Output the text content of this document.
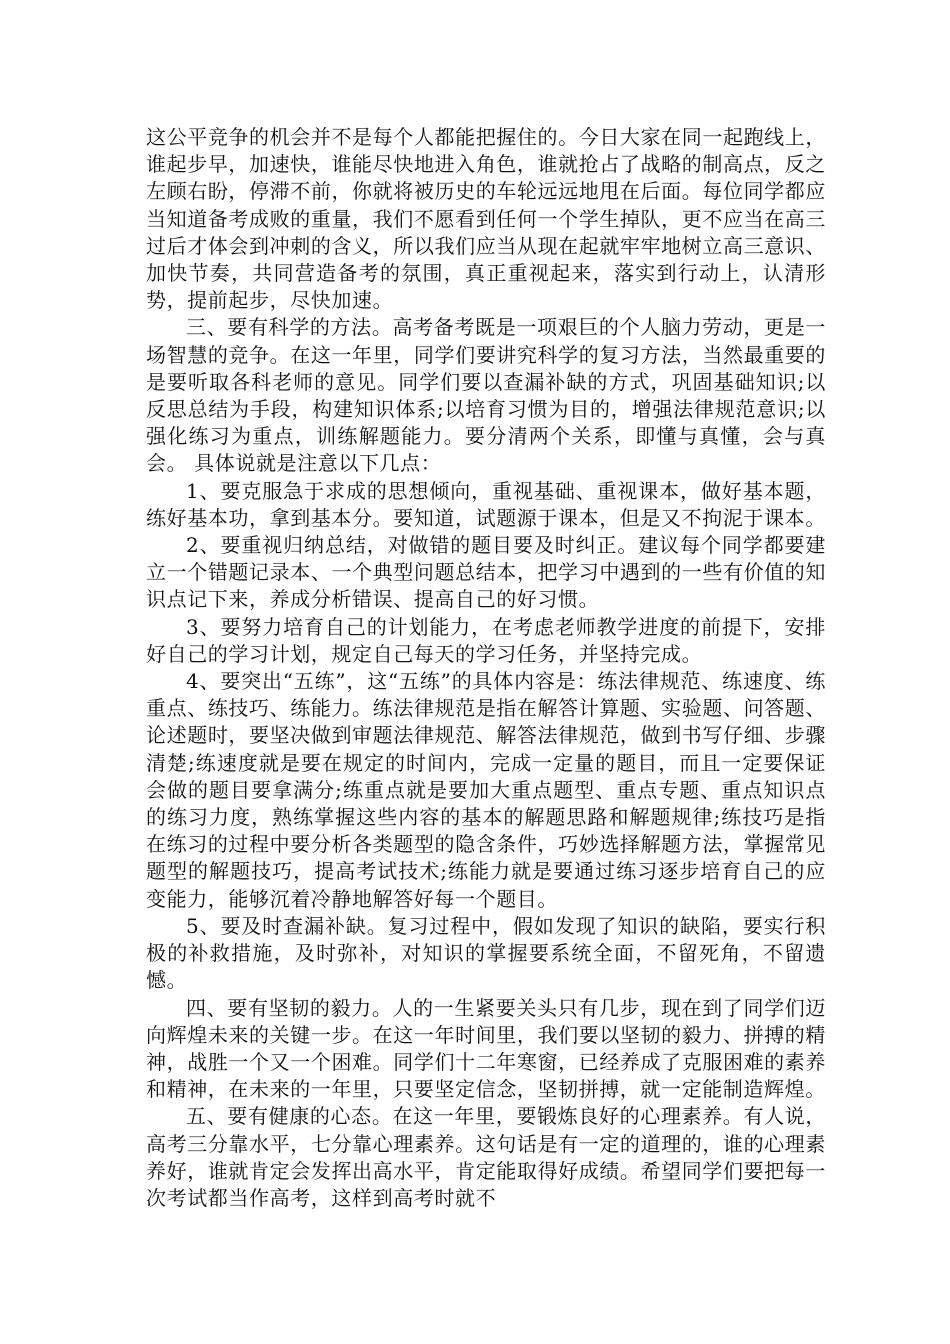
这公平竞争的机会并不是每个人都能把握住的。今日大家在同一起跑线上，谁起步早，加速快，谁能尽快地进入角色，谁就抢占了战略的制高点，反之左顾右盼，停滞不前，你就将被历史的车轮远远地甩在后面。每位同学都应当知道备考成败的重量，我们不愿看到任何一个学生掉队，更不应当在高三过后才体会到冲刺的含义，所以我们应当从现在起就牢牢地树立高三意识、加快节奏，共同营造备考的氛围，真正重视起来，落实到行动上，认清形势，提前起步，尽快加速。

三、要有科学的方法。高考备考既是一项艰巨的个人脑力劳动，更是一场智慧的竞争。在这一年里，同学们要讲究科学的复习方法，当然最重要的是要听取各科老师的意见。同学们要以查漏补缺的方式，巩固基础知识;以反思总结为手段，构建知识体系;以培育习惯为目的，增强法律规范意识;以强化练习为重点，训练解题能力。要分清两个关系，即懂与真懂，会与真会。 具体说就是注意以下几点：

1、要克服急于求成的思想倾向，重视基础、重视课本，做好基本题，练好基本功，拿到基本分。要知道，试题源于课本，但是又不拘泥于课本。

2、要重视归纳总结，对做错的题目要及时纠正。建议每个同学都要建立一个错题记录本、一个典型问题总结本，把学习中遇到的一些有价值的知识点记下来，养成分析错误、提高自己的好习惯。

3、要努力培育自己的计划能力，在考虑老师教学进度的前提下，安排好自己的学习计划，规定自己每天的学习任务，并坚持完成。

4、要突出“五练”，这“五练”的具体内容是：练法律规范、练速度、练重点、练技巧、练能力。练法律规范是指在解答计算题、实验题、问答题、论述题时，要坚决做到审题法律规范、解答法律规范，做到书写仔细、步骤清楚;练速度就是要在规定的时间内，完成一定量的题目，而且一定要保证会做的题目要拿满分;练重点就是要加大重点题型、重点专题、重点知识点的练习力度，熟练掌握这些内容的基本的解题思路和解题规律;练技巧是指在练习的过程中要分析各类题型的隐含条件，巧妙选择解题方法，掌握常见题型的解题技巧，提高考试技术;练能力就是要通过练习逐步培育自己的应变能力，能够沉着冷静地解答好每一个题目。

5、要及时查漏补缺。复习过程中，假如发现了知识的缺陷，要实行积极的补救措施，及时弥补，对知识的掌握要系统全面，不留死角，不留遗憾。

四、要有坚韧的毅力。人的一生紧要关头只有几步，现在到了同学们迈向辉煌未来的关键一步。在这一年时间里，我们要以坚韧的毅力、拼搏的精神，战胜一个又一个困难。同学们十二年寒窗，已经养成了克服困难的素养和精神，在未来的一年里，只要坚定信念，坚韧拼搏，就一定能制造辉煌。

五、要有健康的心态。在这一年里，要锻炼良好的心理素养。有人说，高考三分靠水平，七分靠心理素养。这句话是有一定的道理的，谁的心理素养好，谁就肯定会发挥出高水平，肯定能取得好成绩。希望同学们要把每一次考试都当作高考，这样到高考时就不
